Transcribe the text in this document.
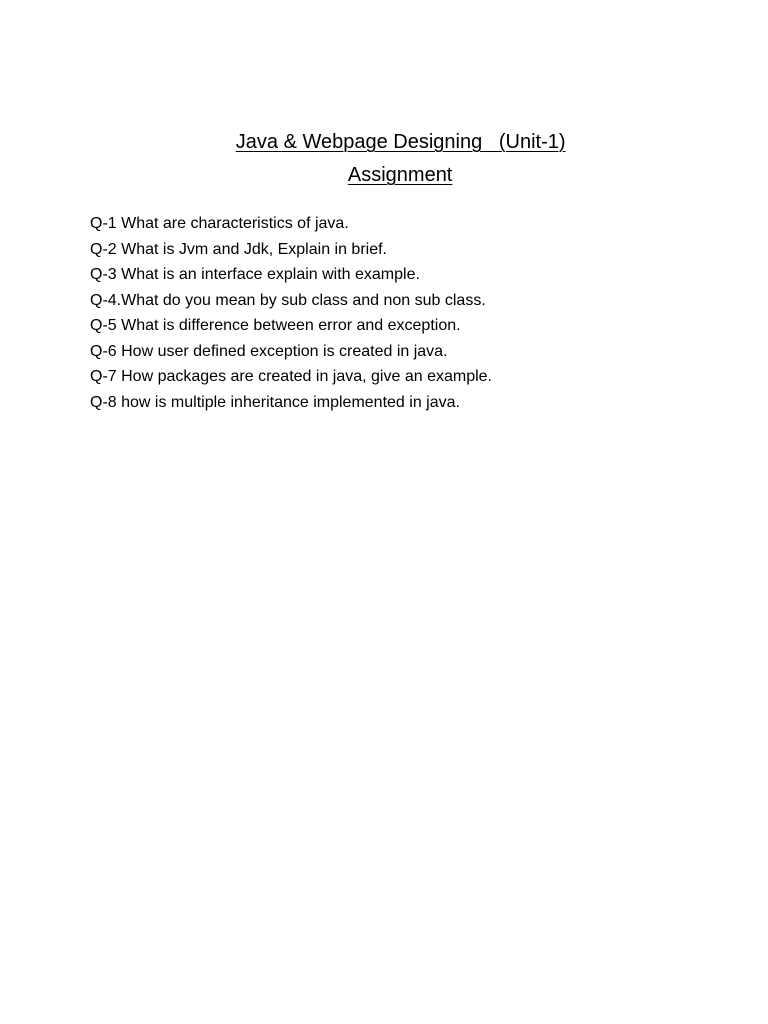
Java & Webpage Designing   (Unit-1)

Assignment

Q-1 What are characteristics of java.
Q-2 What is Jvm and Jdk, Explain in brief.
Q-3 What is an interface explain with example.
Q-4.What do you mean by sub class and non sub class.
Q-5 What is difference between error and exception.
Q-6 How user defined exception is created in java.
Q-7 How packages are created in java, give an example.
Q-8 how is multiple inheritance implemented in java.
